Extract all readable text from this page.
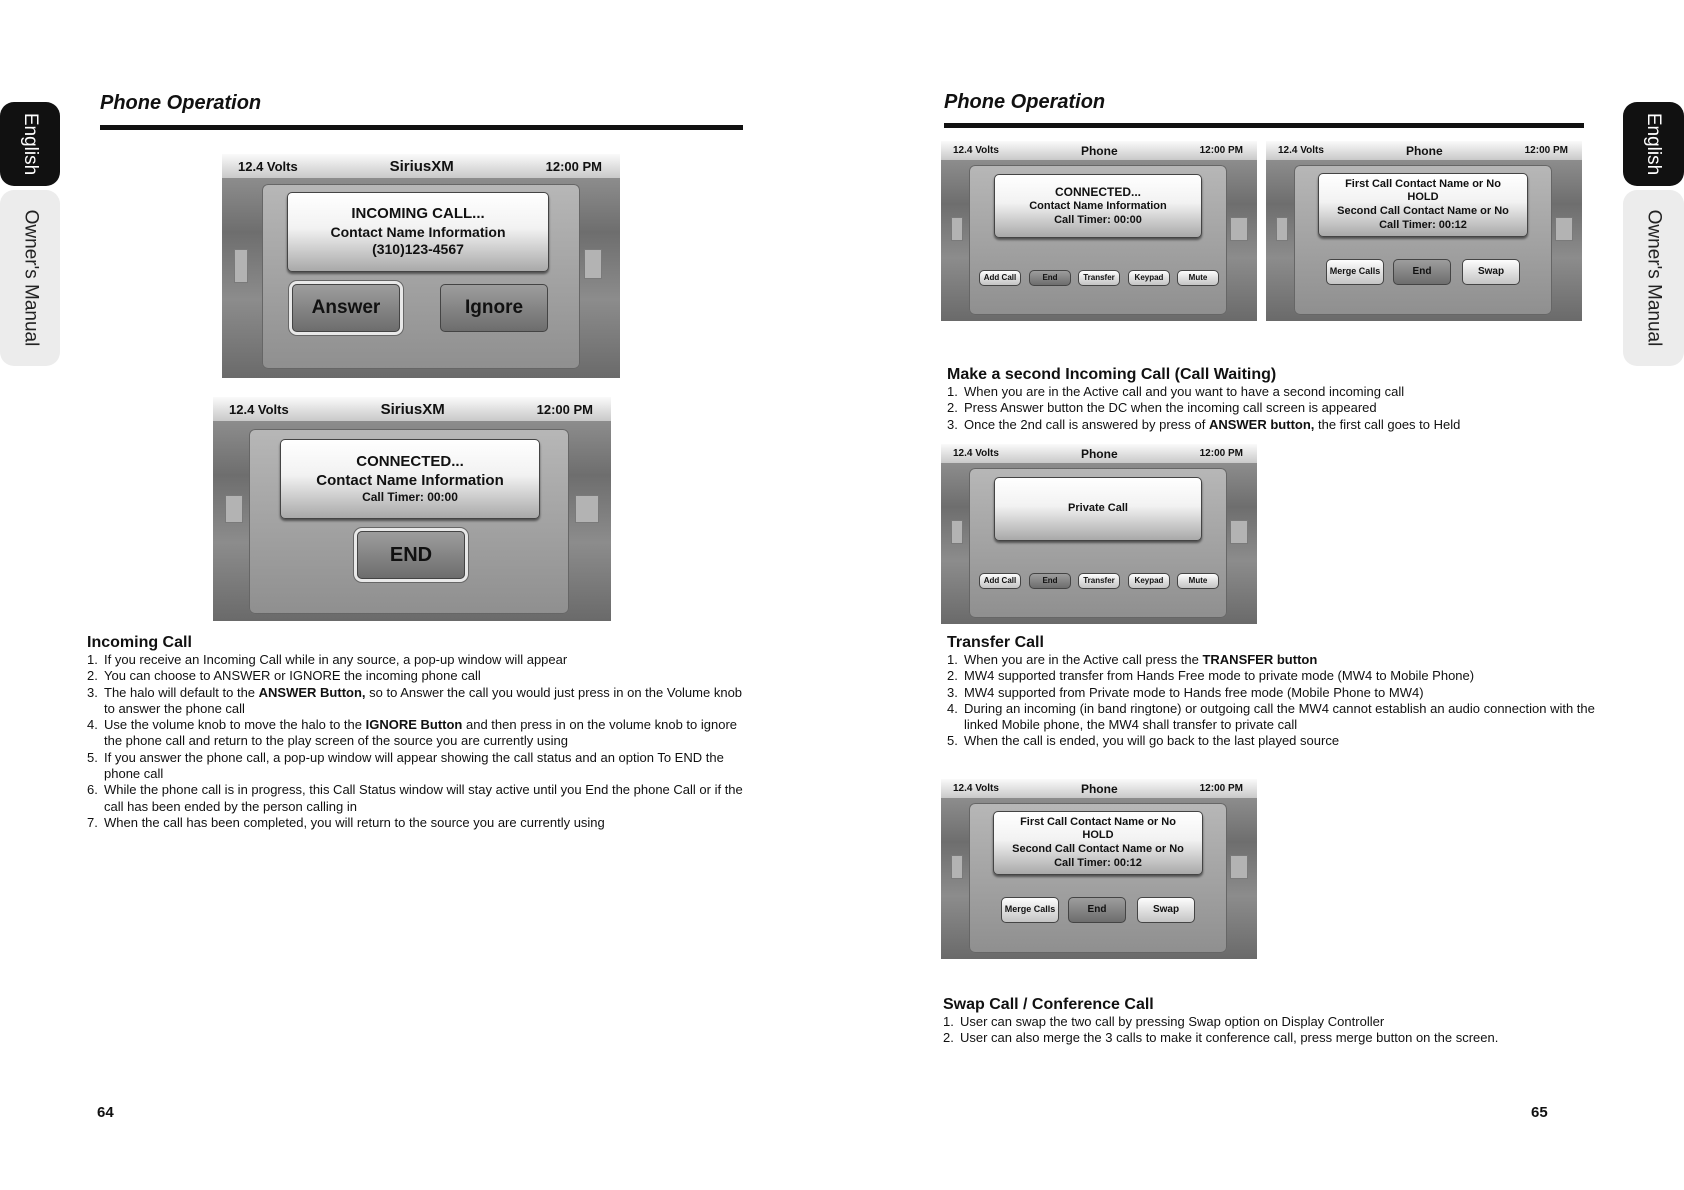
English
Owner's Manual
Phone Operation
12.4 Volts	SiriusXM	12:00 PM
INCOMING CALL...
Contact Name Information
(310)123-4567
Answer	Ignore
12.4 Volts	SiriusXM	12:00 PM
CONNECTED...
Contact Name Information
Call Timer: 00:00
END
Incoming Call
1. If you receive an Incoming Call while in any source, a pop-up window will appear
2. You can choose to ANSWER or IGNORE the incoming phone call
3. The halo will default to the ANSWER Button, so to Answer the call you would just press in on the Volume knob to answer the phone call
4. Use the volume knob to move the halo to the IGNORE Button and then press in on the volume knob to ignore the phone call and return to the play screen of the source you are currently using
5. If you answer the phone call, a pop-up window will appear showing the call status and an option To END the phone call
6. While the phone call is in progress, this Call Status window will stay active until you End the phone Call or if the call has been ended by the person calling in
7. When the call has been completed, you will return to the source you are currently using
64
Phone Operation
English
Owner's Manual
12.4 Volts	Phone	12:00 PM
CONNECTED...
Contact Name Information
Call Timer: 00:00
Add Call	End	Transfer	Keypad	Mute
12.4 Volts	Phone	12:00 PM
First Call Contact Name or No
HOLD
Second Call Contact Name or No
Call Timer: 00:12
Merge Calls	End	Swap
Make a second Incoming Call (Call Waiting)
1. When you are in the Active call and you want to have a second incoming call
2. Press Answer button the DC when the incoming call screen is appeared
3. Once the 2nd call is answered by press of ANSWER button, the first call goes to Held
12.4 Volts	Phone	12:00 PM
Private Call
Add Call	End	Transfer	Keypad	Mute
Transfer Call
1. When you are in the Active call press the TRANSFER button
2. MW4 supported transfer from Hands Free mode to private mode (MW4 to Mobile Phone)
3. MW4 supported from Private mode to Hands free mode (Mobile Phone to MW4)
4. During an incoming (in band ringtone) or outgoing call the MW4 cannot establish an audio connection with the linked Mobile phone, the MW4 shall transfer to private call
5. When the call is ended, you will go back to the last played source
12.4 Volts	Phone	12:00 PM
First Call Contact Name or No
HOLD
Second Call Contact Name or No
Call Timer: 00:12
Merge Calls	End	Swap
Swap Call / Conference Call
1. User can swap the two call by pressing Swap option on Display Controller
2. User can also merge the 3 calls to make it conference call, press merge button on the screen.
65
